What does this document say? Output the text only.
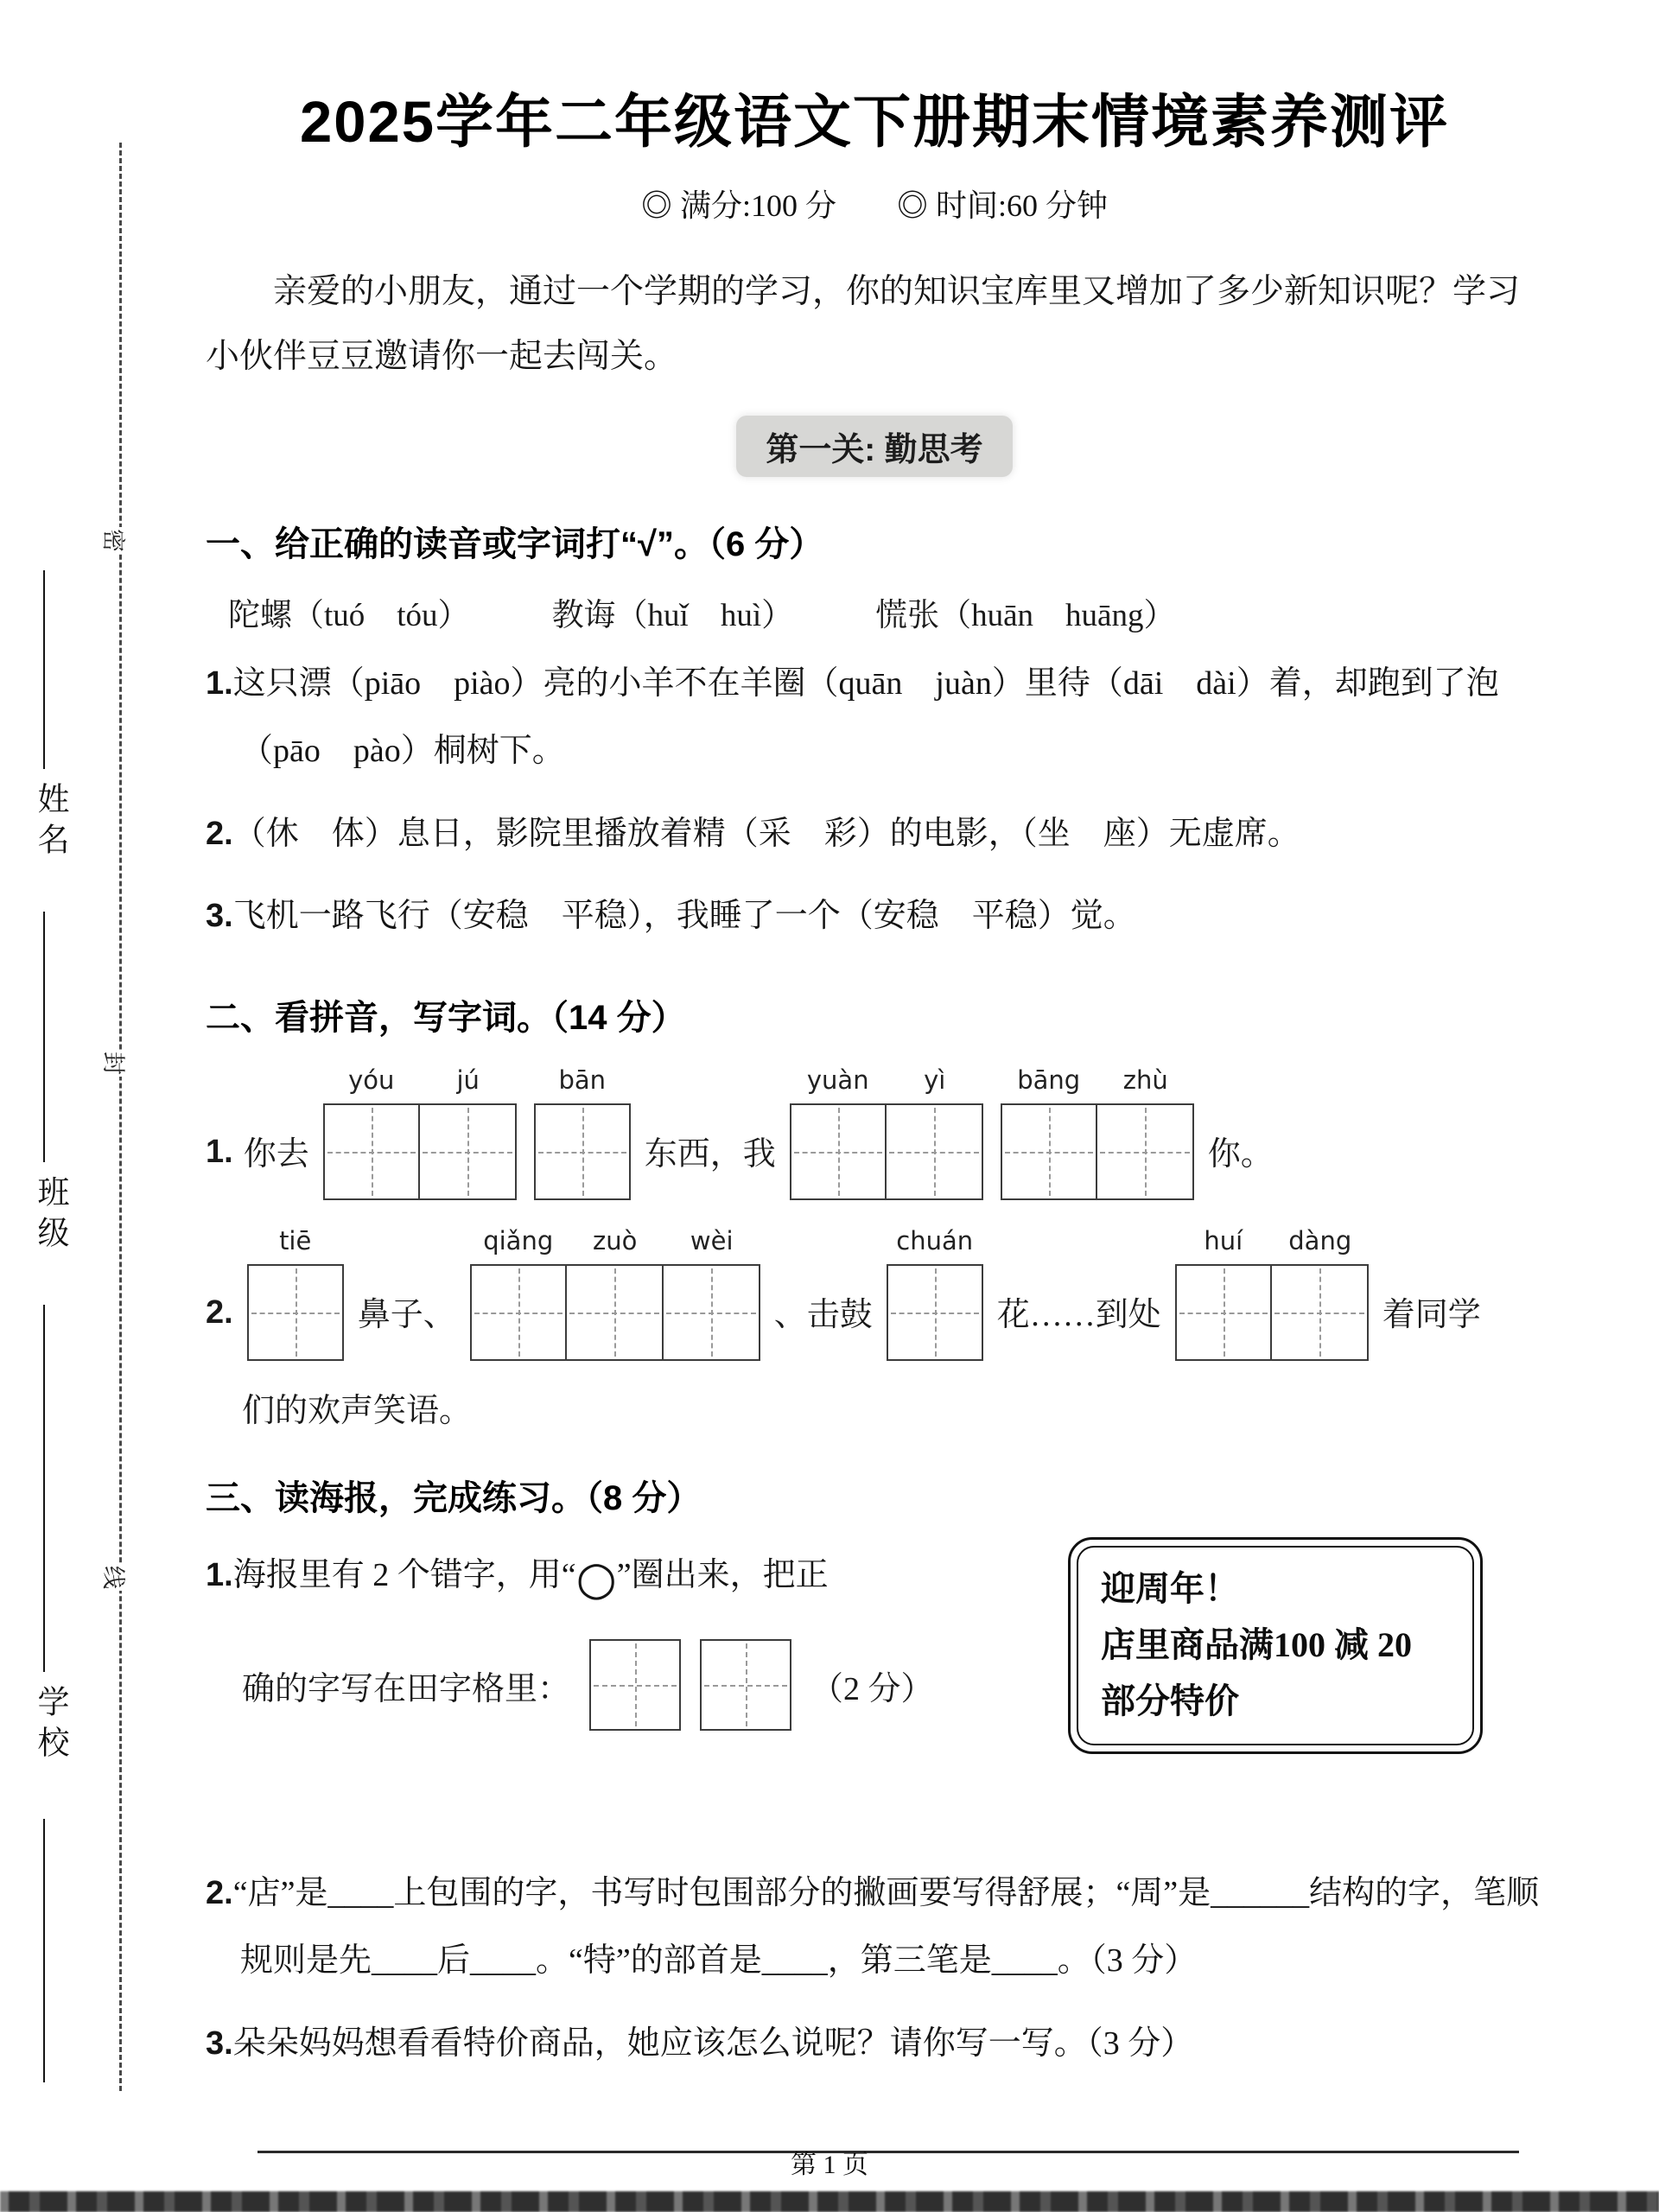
密
封
线
姓名
班级
学校
2025学年二年级语文下册期末情境素养测评
◎ 满分:100 分 ◎ 时间:60 分钟

亲爱的小朋友，通过一个学期的学习，你的知识宝库里又增加了多少新知识呢？学习小伙伴豆豆邀请你一起去闯关。

第一关: 勤思考
一、给正确的读音或字词打“√”。（6 分）
陀螺（tuó　tóu）	教诲（huǐ　huì）	慌张（huān　huāng）
1.这只漂（piāo　piào）亮的小羊不在羊圈（quān　juàn）里待（dāi　dài）着，却跑到了泡（pāo　pào）桐树下。
2.（休　体）息日，影院里播放着精（采　彩）的电影，（坐　座）无虚席。
3.飞机一路飞行（安稳　平稳），我睡了一个（安稳　平稳）觉。
二、看拼音，写字词。（14 分）
1. 你去
yóu	jú	bān
东西，我
yuàn	yì	bāng	zhù
你。
2.
tiē
鼻子、
qiǎng	zuò	wèi
、击鼓
chuán
花……到处
huí	dàng
着同学
们的欢声笑语。
三、读海报，完成练习。（8 分）
1.海报里有 2 个错字，用“○”圈出来，把正
确的字写在田字格里：	（2 分）
迎周年！
店里商品满100 减 20
部分特价
2.“店”是____上包围的字，书写时包围部分的撇画要写得舒展；“周”是______结构的字，笔顺规则是先____后____。“特”的部首是____，第三笔是____。（3 分）
3.朵朵妈妈想看看特价商品，她应该怎么说呢？请你写一写。（3 分）
第 1 页
